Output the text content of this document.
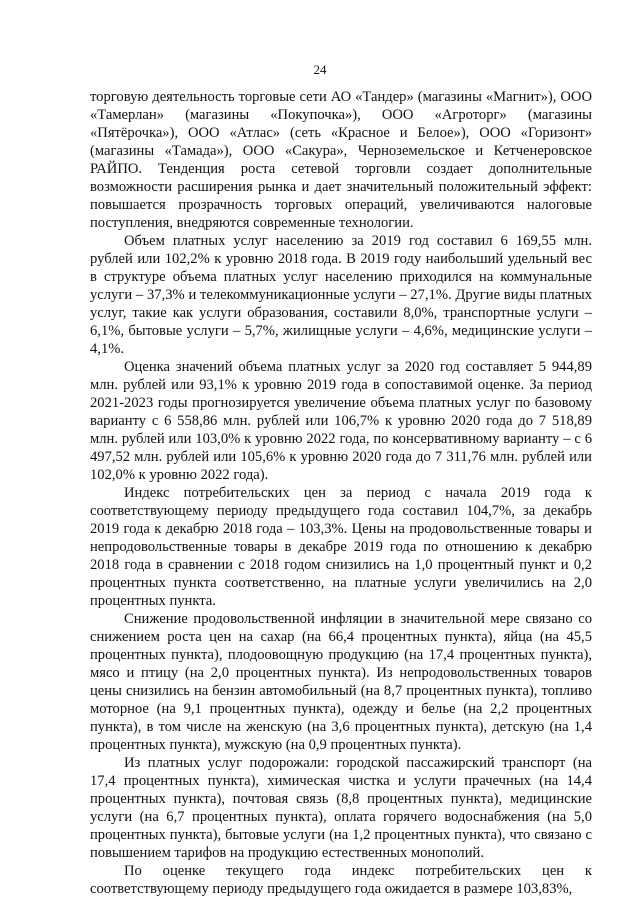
24

торговую деятельность торговые сети АО «Тандер» (магазины «Магнит»), ООО «Тамерлан» (магазины «Покупочка»), ООО «Агроторг» (магазины «Пятёрочка»), ООО «Атлас» (сеть «Красное и Белое»), ООО «Горизонт» (магазины «Тамада»), ООО «Сакура», Черноземельское и Кетченеровское РАЙПО. Тенденция роста сетевой торговли создает дополнительные возможности расширения рынка и дает значительный положительный эффект: повышается прозрачность торговых операций, увеличиваются налоговые поступления, внедряются современные технологии.

Объем платных услуг населению за 2019 год составил 6 169,55 млн. рублей или 102,2% к уровню 2018 года. В 2019 году наибольший удельный вес в структуре объема платных услуг населению приходился на коммунальные услуги – 37,3% и телекоммуникационные услуги – 27,1%. Другие виды платных услуг, такие как услуги образования, составили 8,0%, транспортные услуги – 6,1%, бытовые услуги – 5,7%, жилищные услуги – 4,6%, медицинские услуги – 4,1%.

Оценка значений объема платных услуг за 2020 год составляет 5 944,89 млн. рублей или 93,1% к уровню 2019 года в сопоставимой оценке. За период 2021-2023 годы прогнозируется увеличение объема платных услуг по базовому варианту с 6 558,86 млн. рублей или 106,7% к уровню 2020 года до 7 518,89 млн. рублей или 103,0% к уровню 2022 года, по консервативному варианту – с 6 497,52 млн. рублей или 105,6% к уровню 2020 года до 7 311,76 млн. рублей или 102,0% к уровню 2022 года).

Индекс потребительских цен за период с начала 2019 года к соответствующему периоду предыдущего года составил 104,7%, за декабрь 2019 года к декабрю 2018 года – 103,3%. Цены на продовольственные товары и непродовольственные товары в декабре 2019 года по отношению к декабрю 2018 года в сравнении с 2018 годом снизились на 1,0 процентный пункт и 0,2 процентных пункта соответственно, на платные услуги увеличились на 2,0 процентных пункта.

Снижение продовольственной инфляции в значительной мере связано со снижением роста цен на сахар (на 66,4 процентных пункта), яйца (на 45,5 процентных пункта), плодоовощную продукцию (на 17,4 процентных пункта), мясо и птицу (на 2,0 процентных пункта). Из непродовольственных товаров цены снизились на бензин автомобильный (на 8,7 процентных пункта), топливо моторное (на 9,1 процентных пункта), одежду и белье (на 2,2 процентных пункта), в том числе на женскую (на 3,6 процентных пункта), детскую (на 1,4 процентных пункта), мужскую (на 0,9 процентных пункта).

Из платных услуг подорожали: городской пассажирский транспорт (на 17,4 процентных пункта), химическая чистка и услуги прачечных (на 14,4 процентных пункта), почтовая связь (8,8 процентных пункта), медицинские услуги (на 6,7 процентных пункта), оплата горячего водоснабжения (на 5,0 процентных пункта), бытовые услуги (на 1,2 процентных пункта), что связано с повышением тарифов на продукцию естественных монополий.

По оценке текущего года индекс потребительских цен к соответствующему периоду предыдущего года ожидается в размере 103,83%,
